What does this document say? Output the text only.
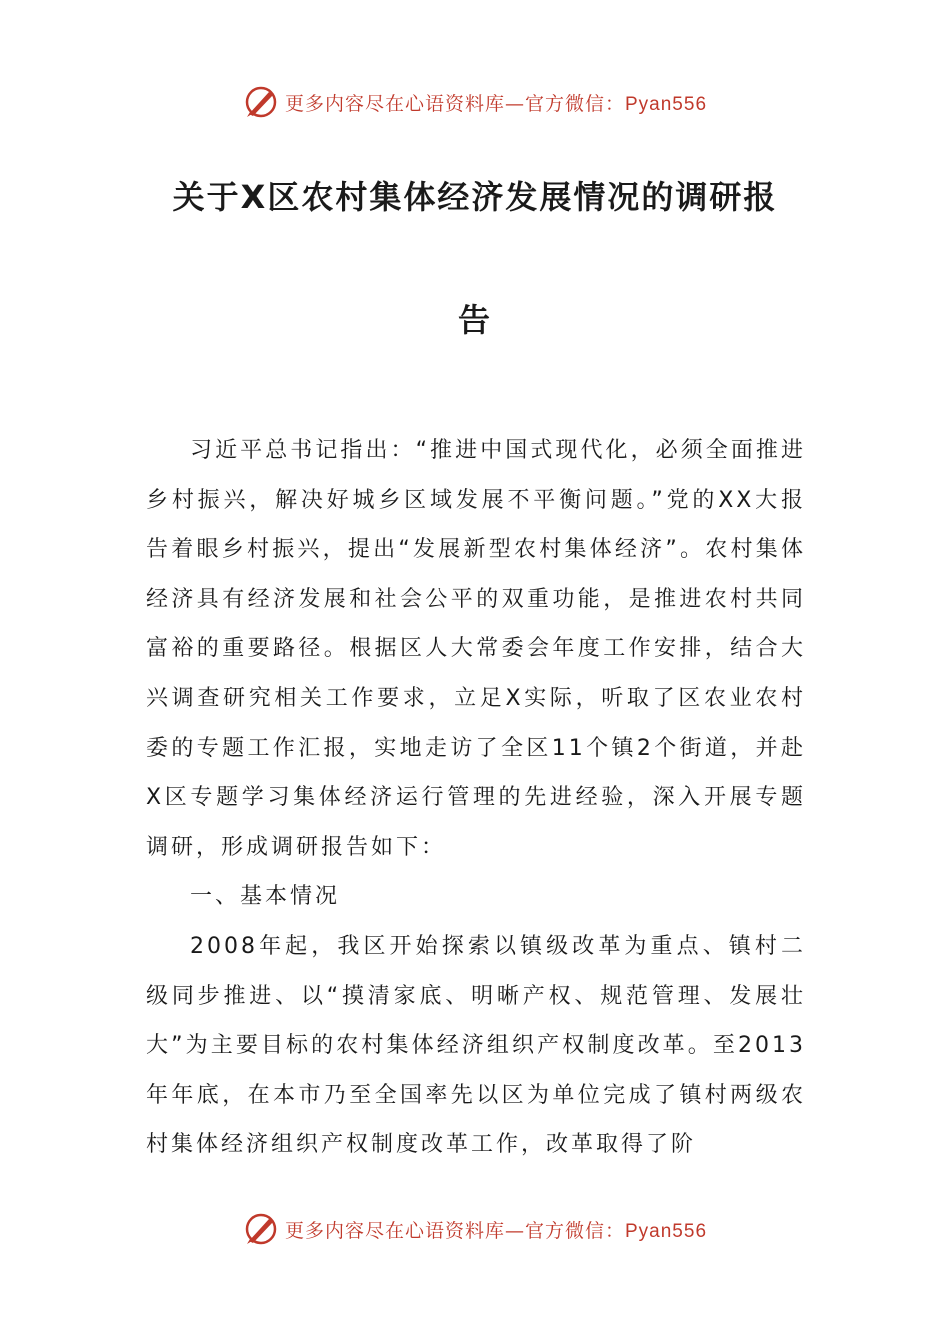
更多内容尽在心语资料库—官方微信：Pyan556
关于X区农村集体经济发展情况的调研报
告

习近平总书记指出：“推进中国式现代化，必须全面推进乡村振兴，解决好城乡区域发展不平衡问题。”党的XX大报告着眼乡村振兴，提出“发展新型农村集体经济”。农村集体经济具有经济发展和社会公平的双重功能，是推进农村共同富裕的重要路径。根据区人大常委会年度工作安排，结合大兴调查研究相关工作要求，立足X实际，听取了区农业农村委的专题工作汇报，实地走访了全区11个镇2个街道，并赴X区专题学习集体经济运行管理的先进经验，深入开展专题调研，形成调研报告如下：

一、基本情况

2008年起，我区开始探索以镇级改革为重点、镇村二级同步推进、以“摸清家底、明晰产权、规范管理、发展壮大”为主要目标的农村集体经济组织产权制度改革。至2013年年底，在本市乃至全国率先以区为单位完成了镇村两级农村集体经济组织产权制度改革工作，改革取得了阶

更多内容尽在心语资料库—官方微信：Pyan556
